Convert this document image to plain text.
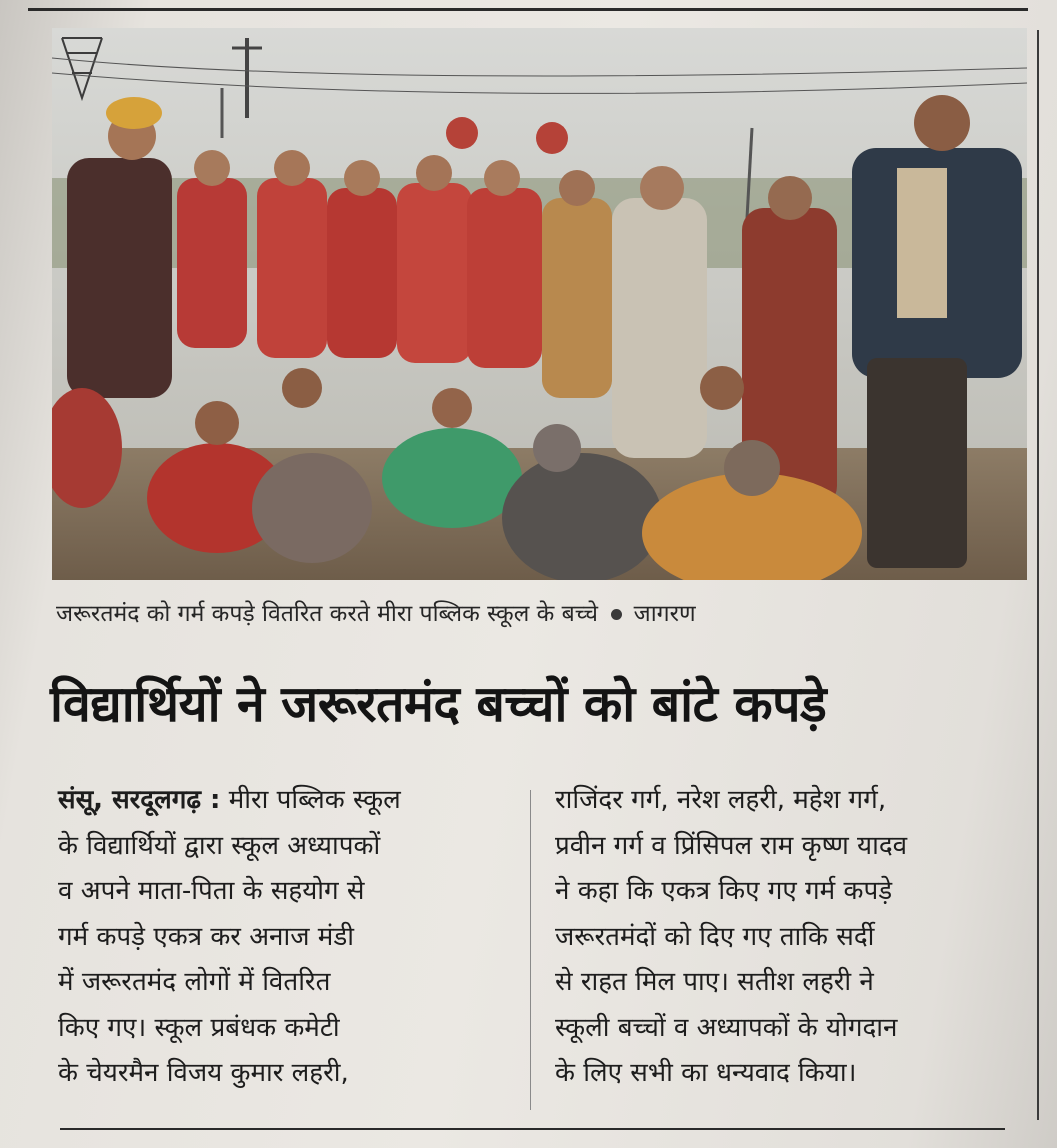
जरूरतमंद को गर्म कपड़े वितरित करते मीरा पब्लिक स्कूल के बच्चे जागरण
विद्यार्थियों ने जरूरतमंद बच्चों को बांटे कपड़े
संसू, सरदूलगढ़ : मीरा पब्लिक स्कूल
के विद्यार्थियों द्वारा स्कूल अध्यापकों
व अपने माता-पिता के सहयोग से
गर्म कपड़े एकत्र कर अनाज मंडी
में जरूरतमंद लोगों में वितरित
किए गए। स्कूल प्रबंधक कमेटी
के चेयरमैन विजय कुमार लहरी,
राजिंदर गर्ग, नरेश लहरी, महेश गर्ग,
प्रवीन गर्ग व प्रिंसिपल राम कृष्ण यादव
ने कहा कि एकत्र किए गए गर्म कपड़े
जरूरतमंदों को दिए गए ताकि सर्दी
से राहत मिल पाए। सतीश लहरी ने
स्कूली बच्चों व अध्यापकों के योगदान
के लिए सभी का धन्यवाद किया।
